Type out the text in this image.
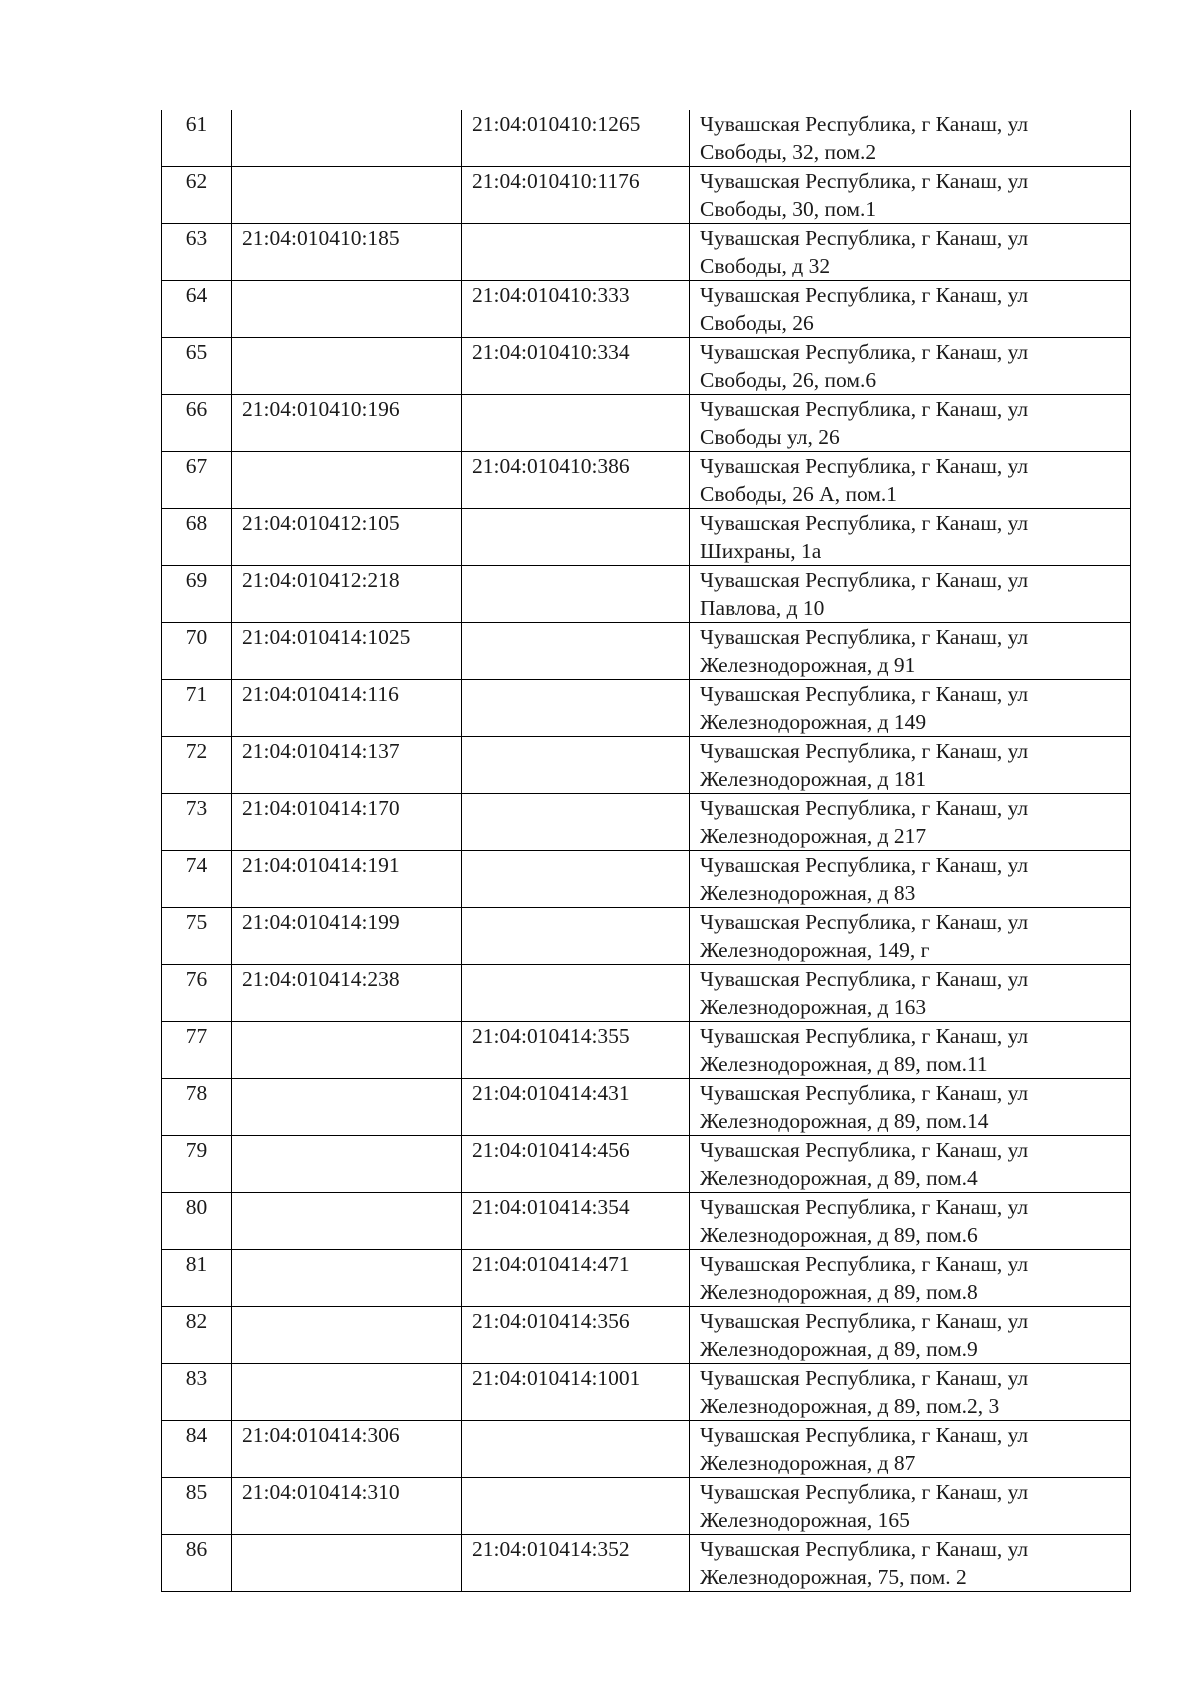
61		21:04:010410:1265	Чувашская Республика, г Канаш, ул
Свободы, 32, пом.2

62		21:04:010410:1176	Чувашская Республика, г Канаш, ул
Свободы, 30, пом.1

63	21:04:010410:185		Чувашская Республика, г Канаш, ул
Свободы, д 32

64		21:04:010410:333	Чувашская Республика, г Канаш, ул
Свободы, 26

65		21:04:010410:334	Чувашская Республика, г Канаш, ул
Свободы, 26, пом.6

66	21:04:010410:196		Чувашская Республика, г Канаш, ул
Свободы ул, 26

67		21:04:010410:386	Чувашская Республика, г Канаш, ул
Свободы, 26 А, пом.1

68	21:04:010412:105		Чувашская Республика, г Канаш, ул
Шихраны, 1а

69	21:04:010412:218		Чувашская Республика, г Канаш, ул
Павлова, д 10

70	21:04:010414:1025		Чувашская Республика, г Канаш, ул
Железнодорожная, д 91

71	21:04:010414:116		Чувашская Республика, г Канаш, ул
Железнодорожная, д 149

72	21:04:010414:137		Чувашская Республика, г Канаш, ул
Железнодорожная, д 181

73	21:04:010414:170		Чувашская Республика, г Канаш, ул
Железнодорожная, д 217

74	21:04:010414:191		Чувашская Республика, г Канаш, ул
Железнодорожная, д 83

75	21:04:010414:199		Чувашская Республика, г Канаш, ул
Железнодорожная, 149, г

76	21:04:010414:238		Чувашская Республика, г Канаш, ул
Железнодорожная, д 163

77		21:04:010414:355	Чувашская Республика, г Канаш, ул
Железнодорожная, д 89, пом.11

78		21:04:010414:431	Чувашская Республика, г Канаш, ул
Железнодорожная, д 89, пом.14

79		21:04:010414:456	Чувашская Республика, г Канаш, ул
Железнодорожная, д 89, пом.4

80		21:04:010414:354	Чувашская Республика, г Канаш, ул
Железнодорожная, д 89, пом.6

81		21:04:010414:471	Чувашская Республика, г Канаш, ул
Железнодорожная, д 89, пом.8

82		21:04:010414:356	Чувашская Республика, г Канаш, ул
Железнодорожная, д 89, пом.9

83		21:04:010414:1001	Чувашская Республика, г Канаш, ул
Железнодорожная, д 89, пом.2, 3

84	21:04:010414:306		Чувашская Республика, г Канаш, ул
Железнодорожная, д 87

85	21:04:010414:310		Чувашская Республика, г Канаш, ул
Железнодорожная, 165

86		21:04:010414:352	Чувашская Республика, г Канаш, ул
Железнодорожная, 75, пом. 2
